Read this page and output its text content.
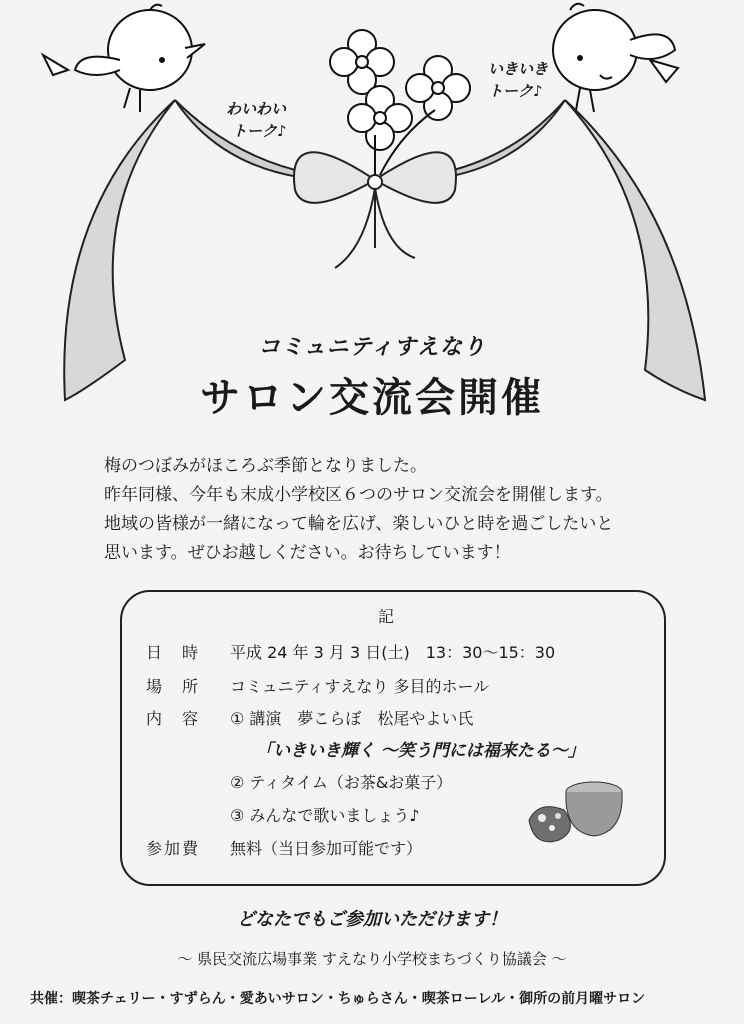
わいわい
トーク♪
いきいき
トーク♪
コミュニティすえなり
サロン交流会開催
梅のつぼみがほころぶ季節となりました。
昨年同様、今年も末成小学校区６つのサロン交流会を開催します。
地域の皆様が一緒になって輪を広げ、楽しいひと時を過ごしたいと
思います。ぜひお越しください。お待ちしています！
記
日　時 平成 24 年 3 月 3 日(土)　13：30〜15：30
場　所 コミュニティすえなり 多目的ホール
内　容 ① 講演　夢こらぼ　松尾やよい氏
「いきいき輝く ～笑う門には福来たる～」
② ティタイム（お茶&お菓子）
③ みんなで歌いましょう♪
参加費 無料（当日参加可能です）
どなたでもご参加いただけます！
～ 県民交流広場事業 すえなり小学校まちづくり協議会 ～
共催：喫茶チェリー・すずらん・愛あいサロン・ちゅらさん・喫茶ローレル・御所の前月曜サロン
